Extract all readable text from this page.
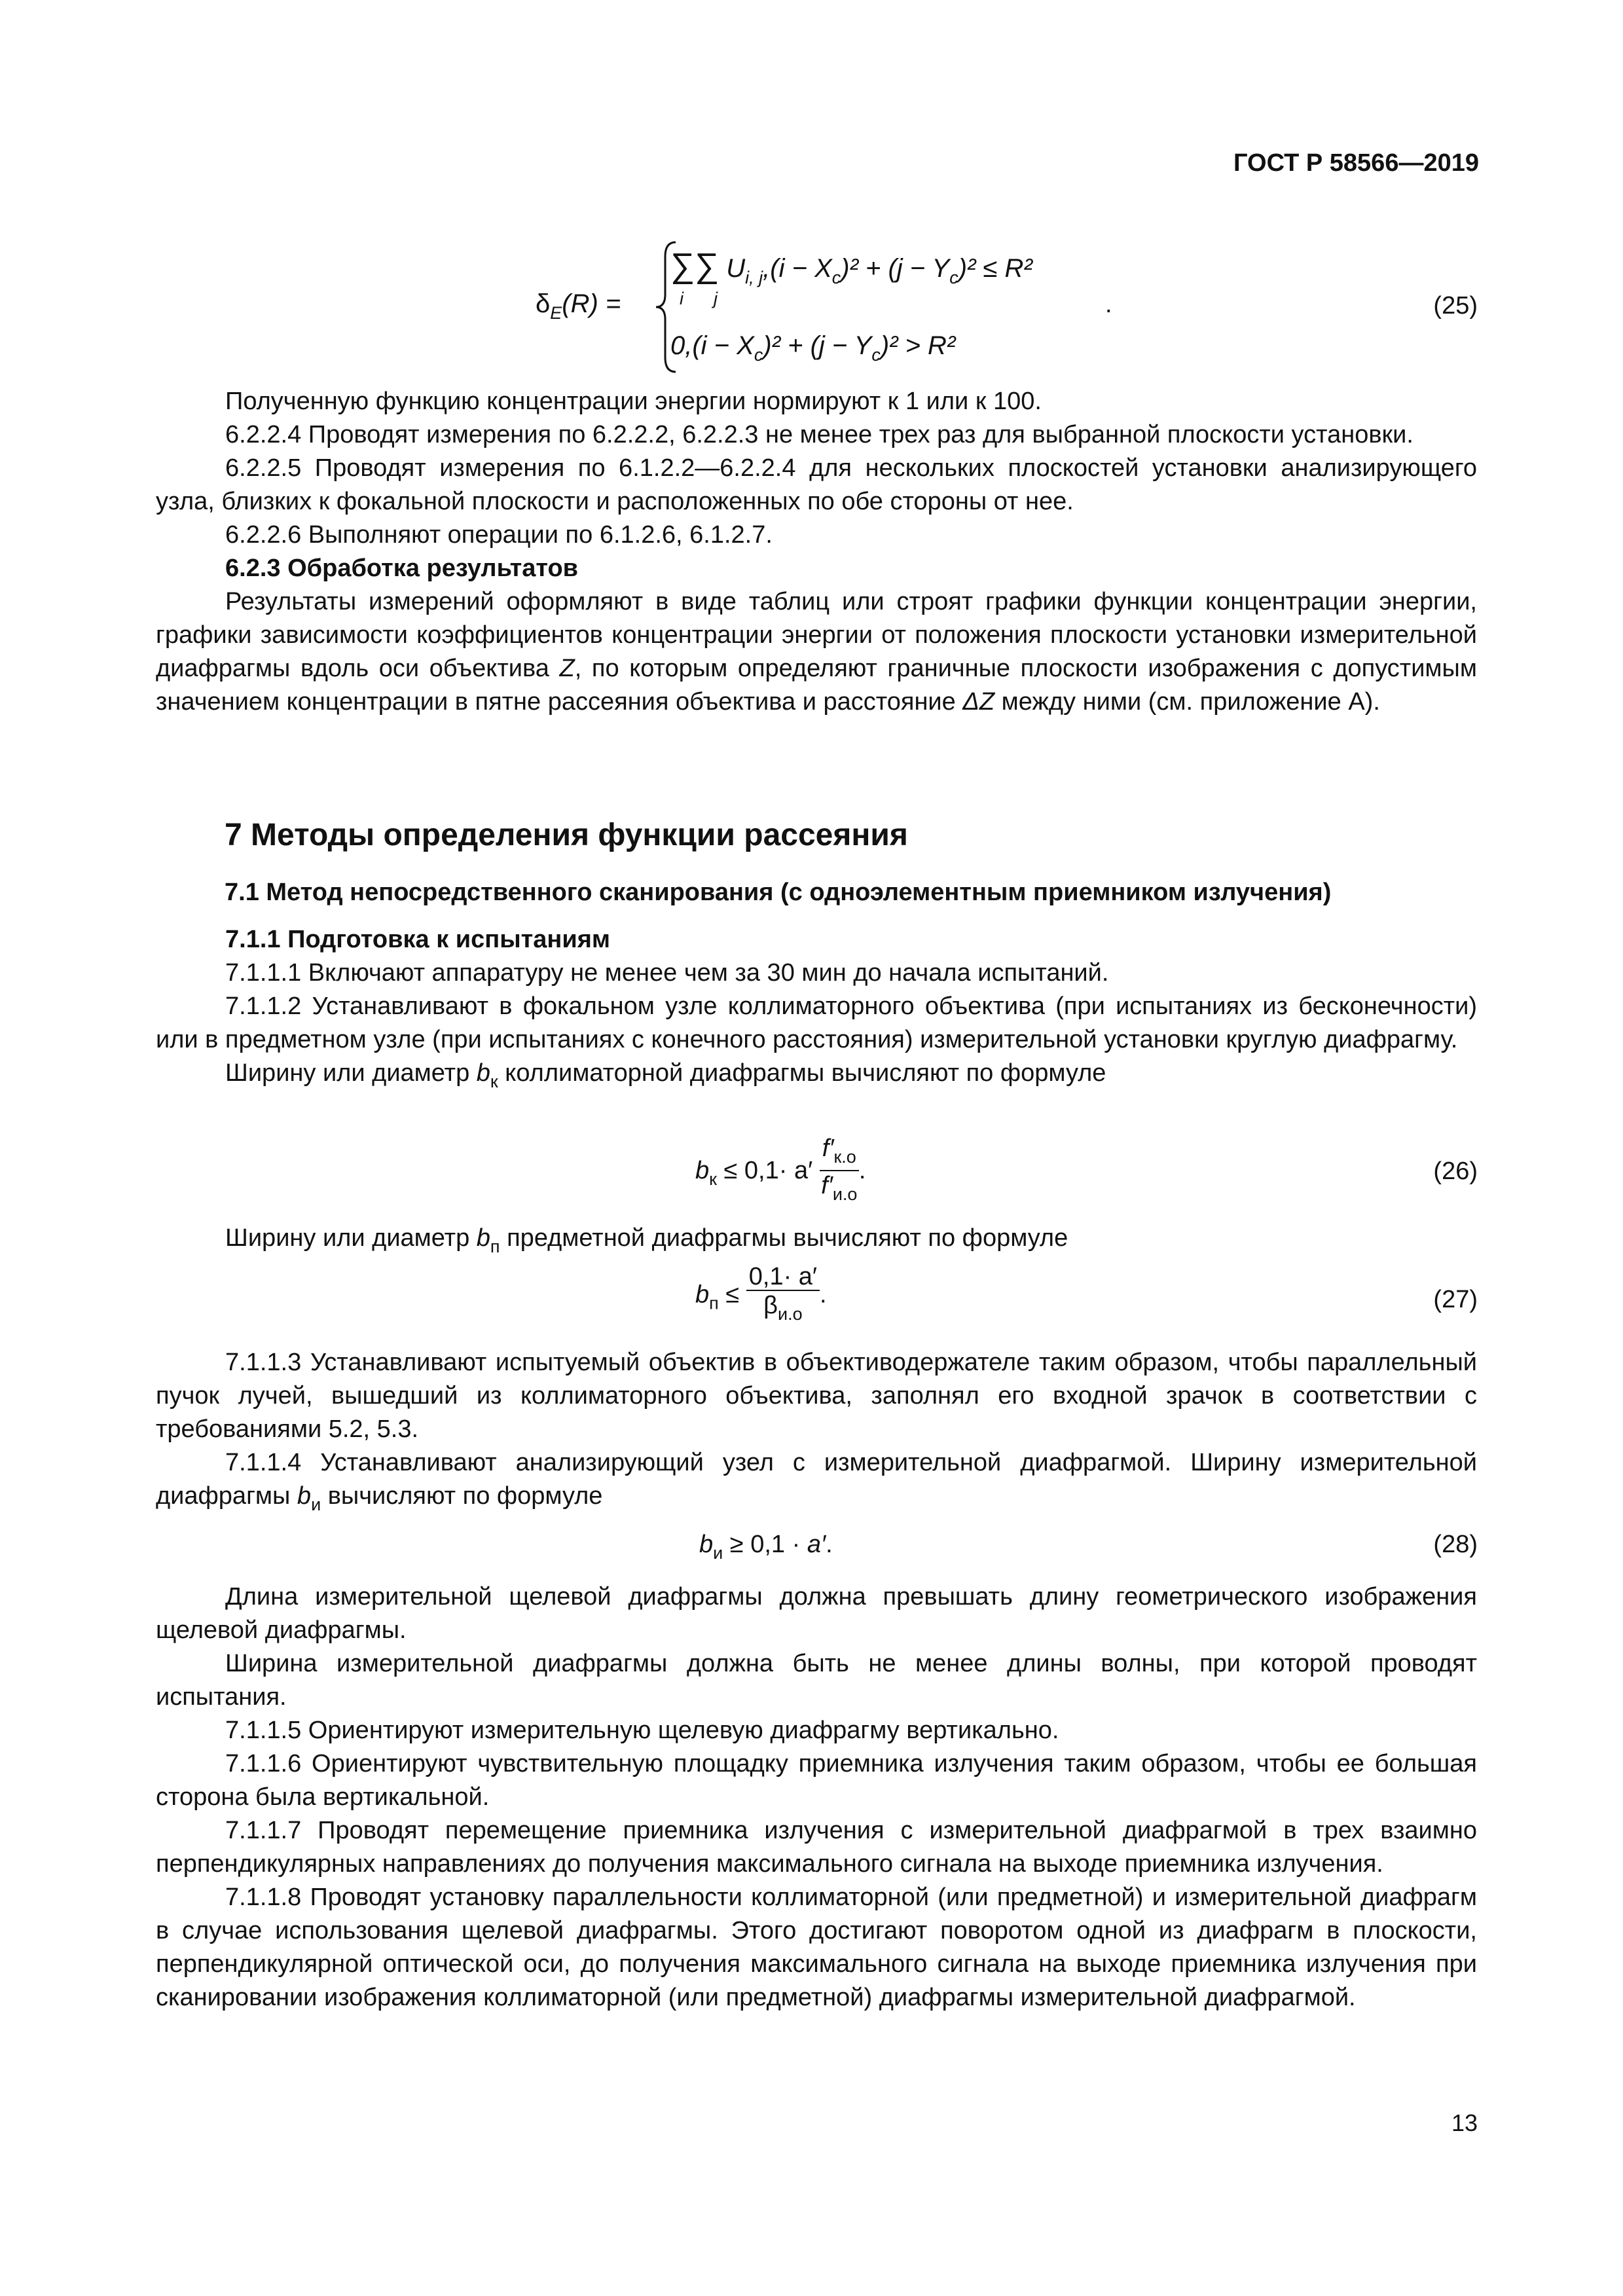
ГОСТ Р 58566—2019
$\delta_E(R)$ =
∑∑ $U_{i, j},(i - X_c)^2 + (j - Y_c)^2 \le R^2$
i j
$0,(i - X_c)^2 + (j - Y_c)^2 > R^2$
.	(25)

Полученную функцию концентрации энергии нормируют к 1 или к 100.

6.2.2.4 Проводят измерения по 6.2.2.2, 6.2.2.3 не менее трех раз для выбранной плоскости установки.

6.2.2.5 Проводят измерения по 6.1.2.2—6.2.2.4 для нескольких плоскостей установки анализирующего узла, близких к фокальной плоскости и расположенных по обе стороны от нее.

6.2.2.6 Выполняют операции по 6.1.2.6, 6.1.2.7.

6.2.3 Обработка результатов

Результаты измерений оформляют в виде таблиц или строят графики функции концентрации энергии, графики зависимости коэффициентов концентрации энергии от положения плоскости установки измерительной диафрагмы вдоль оси объектива Z, по которым определяют граничные плоскости изображения с допустимым значением концентрации в пятне рассеяния объектива и расстояние ΔZ между ними (см. приложение А).

7 Методы определения функции рассеяния
7.1 Метод непосредственного сканирования (с одноэлементным приемником излучения)

7.1.1 Подготовка к испытаниям

7.1.1.1 Включают аппаратуру не менее чем за 30 мин до начала испытаний.

7.1.1.2 Устанавливают в фокальном узле коллиматорного объектива (при испытаниях из бесконечности) или в предметном узле (при испытаниях с конечного расстояния) измерительной установки круглую диафрагму.

Ширину или диаметр $b_к$ коллиматорной диафрагмы вычисляют по формуле

$b_к \le 0,1\cdot a' \frac{f'_{к.о}}{f'_{и.о}}$ .	(26)

Ширину или диаметр $b_п$ предметной диафрагмы вычисляют по формуле

$b_п \le \frac{0,1\cdot a'}{\beta_{и.о}}$ .	(27)

7.1.1.3 Устанавливают испытуемый объектив в объективодержателе таким образом, чтобы параллельный пучок лучей, вышедший из коллиматорного объектива, заполнял его входной зрачок в соответствии с требованиями 5.2, 5.3.

7.1.1.4 Устанавливают анализирующий узел с измерительной диафрагмой. Ширину измерительной диафрагмы $b_и$ вычисляют по формуле

$b_и \ge 0,1 \cdot a'$.	(28)

Длина измерительной щелевой диафрагмы должна превышать длину геометрического изображения щелевой диафрагмы.

Ширина измерительной диафрагмы должна быть не менее длины волны, при которой проводят испытания.

7.1.1.5 Ориентируют измерительную щелевую диафрагму вертикально.

7.1.1.6 Ориентируют чувствительную площадку приемника излучения таким образом, чтобы ее большая сторона была вертикальной.

7.1.1.7 Проводят перемещение приемника излучения с измерительной диафрагмой в трех взаимно перпендикулярных направлениях до получения максимального сигнала на выходе приемника излучения.

7.1.1.8 Проводят установку параллельности коллиматорной (или предметной) и измерительной диафрагм в случае использования щелевой диафрагмы. Этого достигают поворотом одной из диафрагм в плоскости, перпендикулярной оптической оси, до получения максимального сигнала на выходе приемника излучения при сканировании изображения коллиматорной (или предметной) диафрагмы измерительной диафрагмой.

13
